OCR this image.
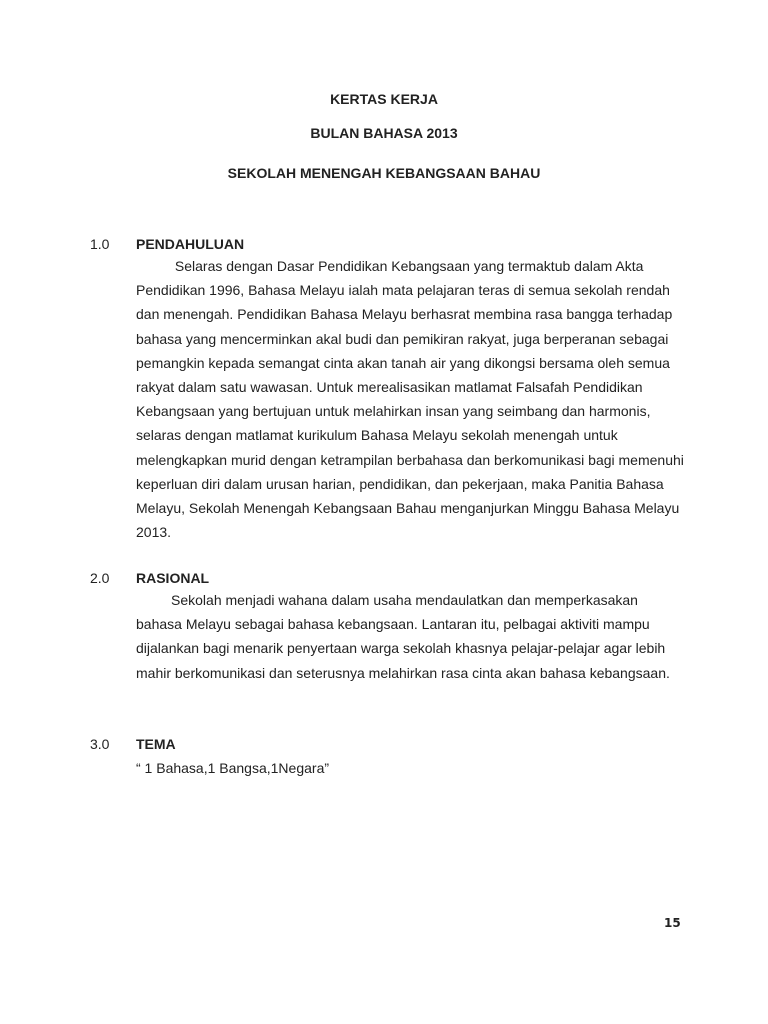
KERTAS KERJA
BULAN BAHASA 2013
SEKOLAH MENENGAH KEBANGSAAN BAHAU
1.0 PENDAHULUAN
Selaras dengan Dasar Pendidikan Kebangsaan yang termaktub dalam Akta
Pendidikan 1996, Bahasa Melayu ialah mata pelajaran teras di semua sekolah rendah
dan menengah. Pendidikan Bahasa Melayu berhasrat membina rasa bangga terhadap
bahasa yang mencerminkan akal budi dan pemikiran rakyat, juga berperanan sebagai
pemangkin kepada semangat cinta akan tanah air yang dikongsi bersama oleh semua
rakyat dalam satu wawasan. Untuk merealisasikan matlamat Falsafah Pendidikan
Kebangsaan yang bertujuan untuk melahirkan insan yang seimbang dan harmonis,
selaras dengan matlamat kurikulum Bahasa Melayu sekolah menengah untuk
melengkapkan murid dengan ketrampilan berbahasa dan berkomunikasi bagi memenuhi
keperluan diri dalam urusan harian, pendidikan, dan pekerjaan, maka Panitia Bahasa
Melayu, Sekolah Menengah Kebangsaan Bahau menganjurkan Minggu Bahasa Melayu
2013.
2.0 RASIONAL
Sekolah menjadi wahana dalam usaha mendaulatkan dan memperkasakan
bahasa Melayu sebagai bahasa kebangsaan. Lantaran itu, pelbagai aktiviti mampu
dijalankan bagi menarik penyertaan warga sekolah khasnya pelajar-pelajar agar lebih
mahir berkomunikasi dan seterusnya melahirkan rasa cinta akan bahasa kebangsaan.
3.0 TEMA
“ 1 Bahasa,1 Bangsa,1Negara”
15
